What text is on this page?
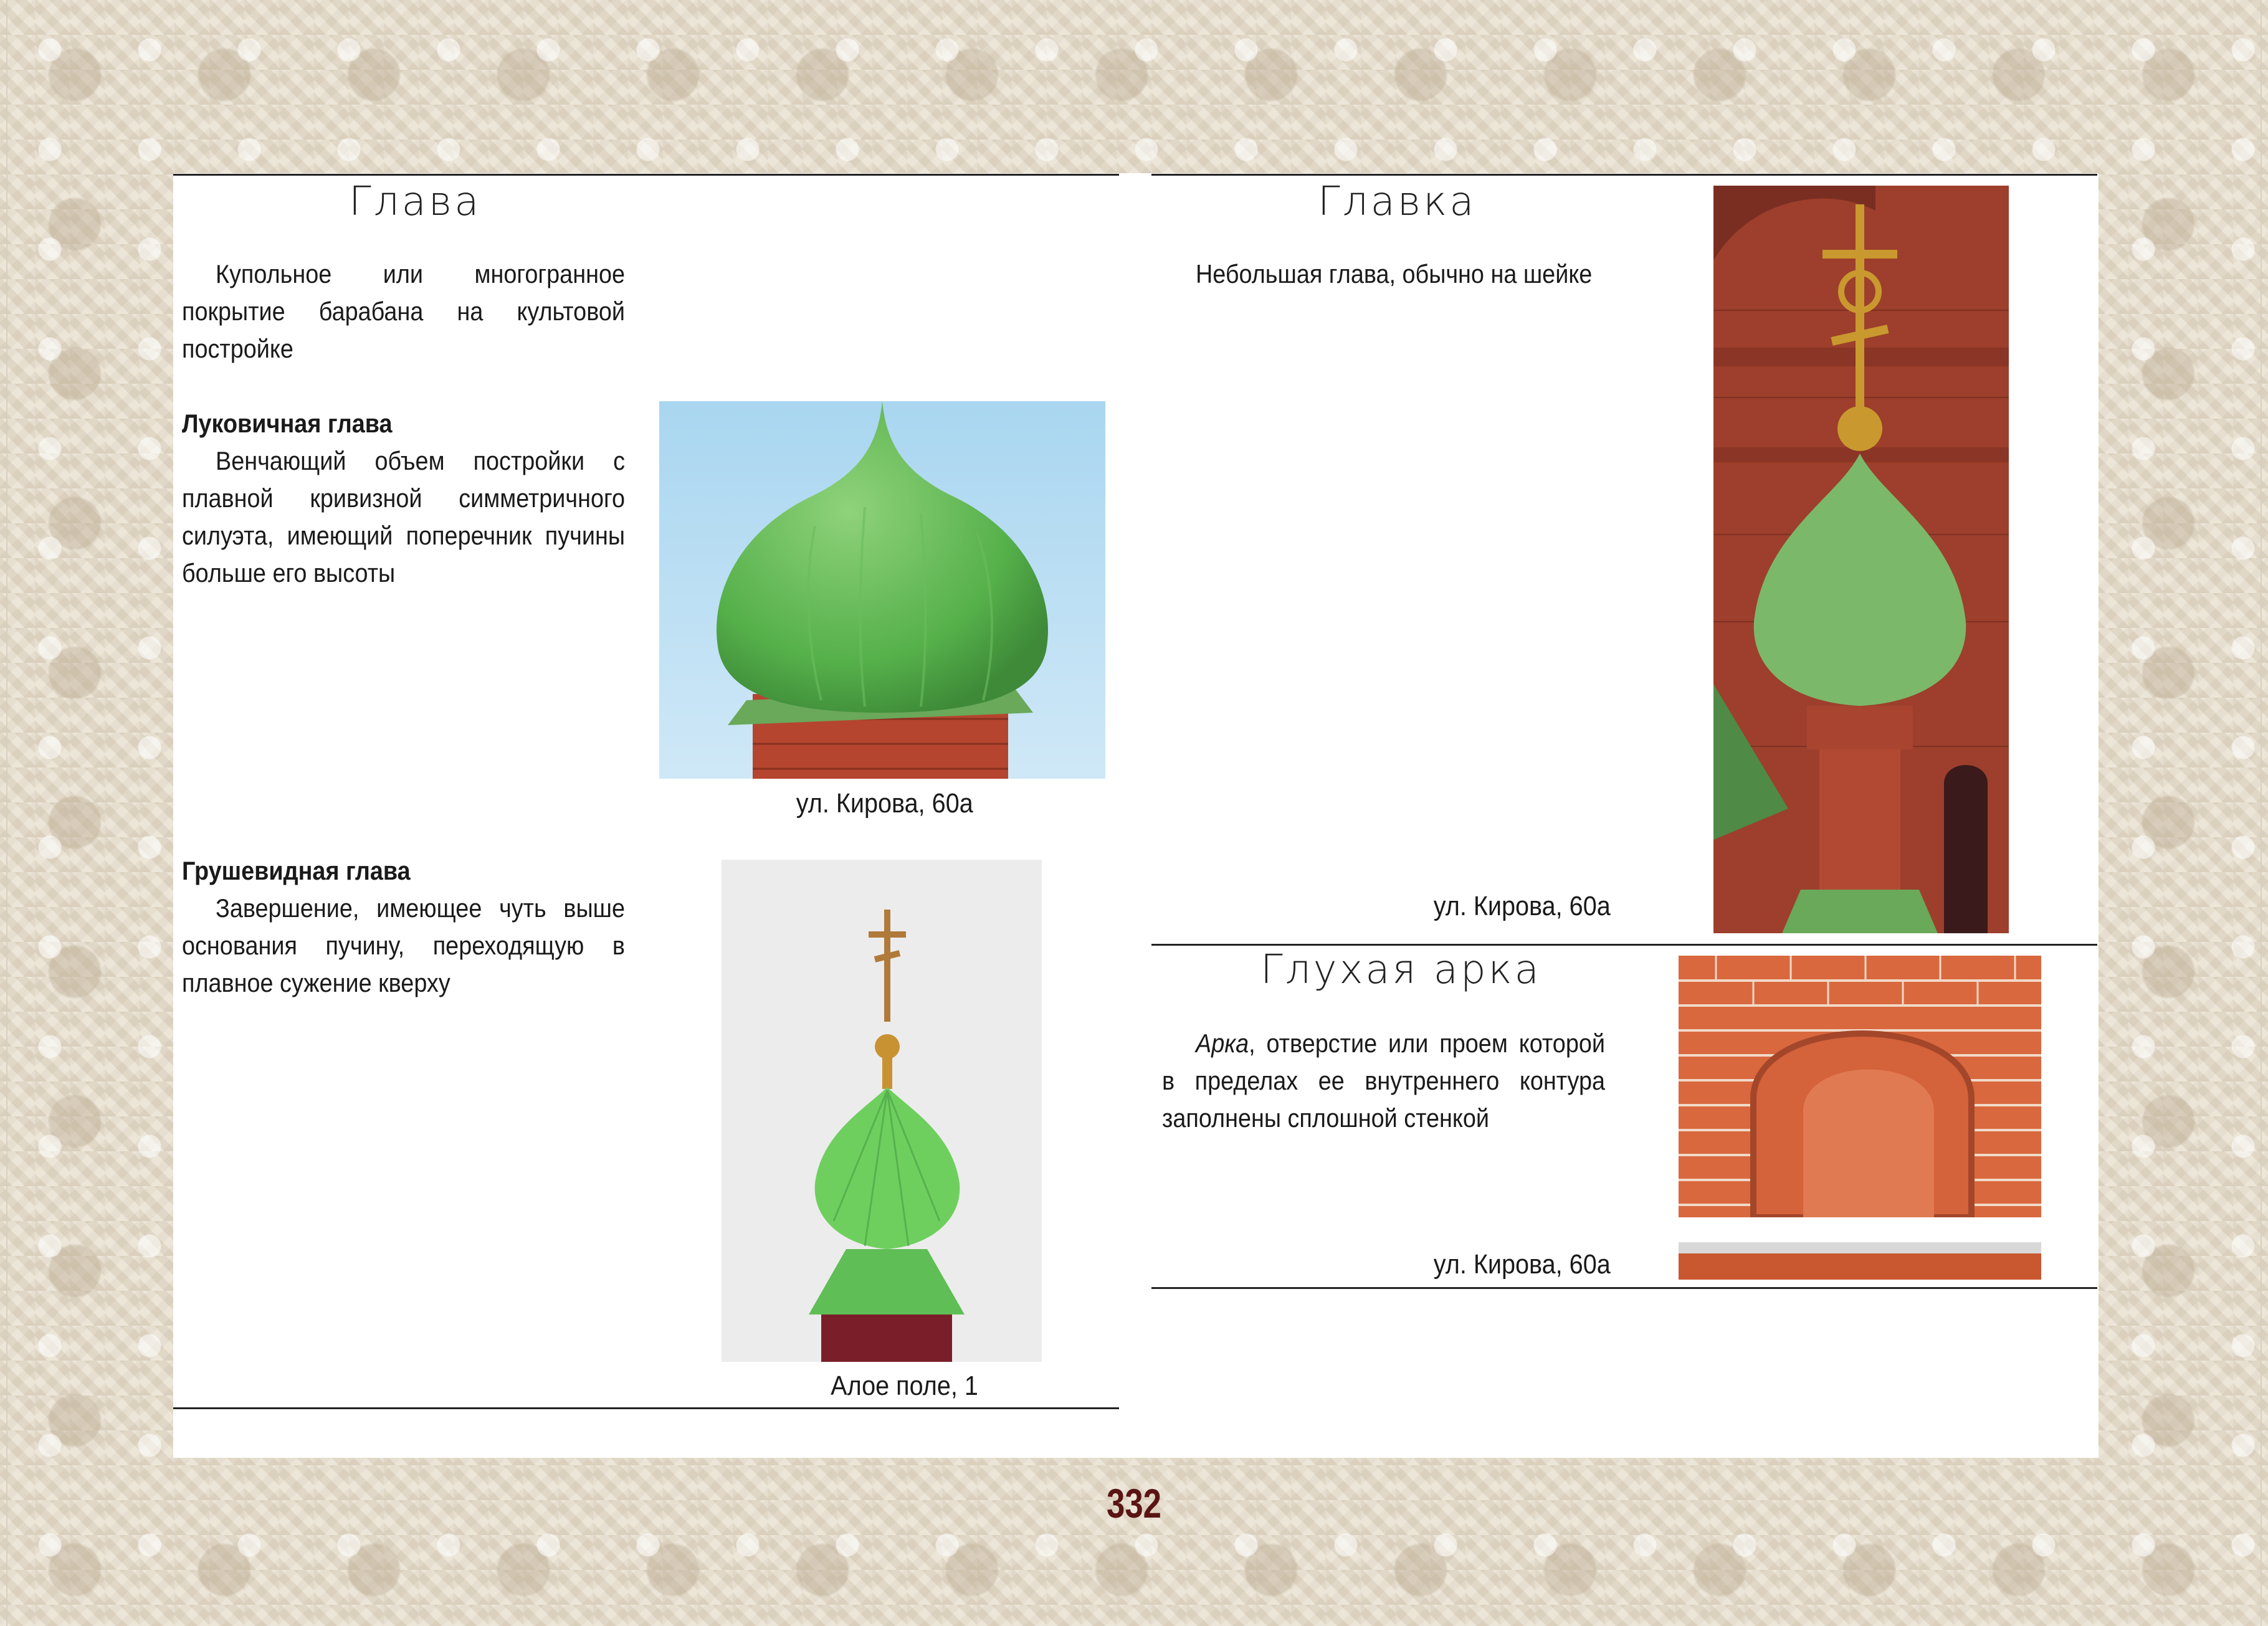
Глава

Купольное или многогранное покрытие барабана на культовой постройке

Луковичная глава
Венчающий объем постройки с плавной кривизной симметричного силуэта, имеющий поперечник пучины больше его высоты

ул. Кирова, 60а

Грушевидная глава
Завершение, имеющее чуть выше основания пучину, переходящую в плавное сужение кверху

Алое поле, 1
Главка

Небольшая глава, обычно на шейке

ул. Кирова, 60а
Глухая арка

Арка, отверстие или проем которой в пределах ее внутреннего контура заполнены сплошной стенкой

ул. Кирова, 60а
332
